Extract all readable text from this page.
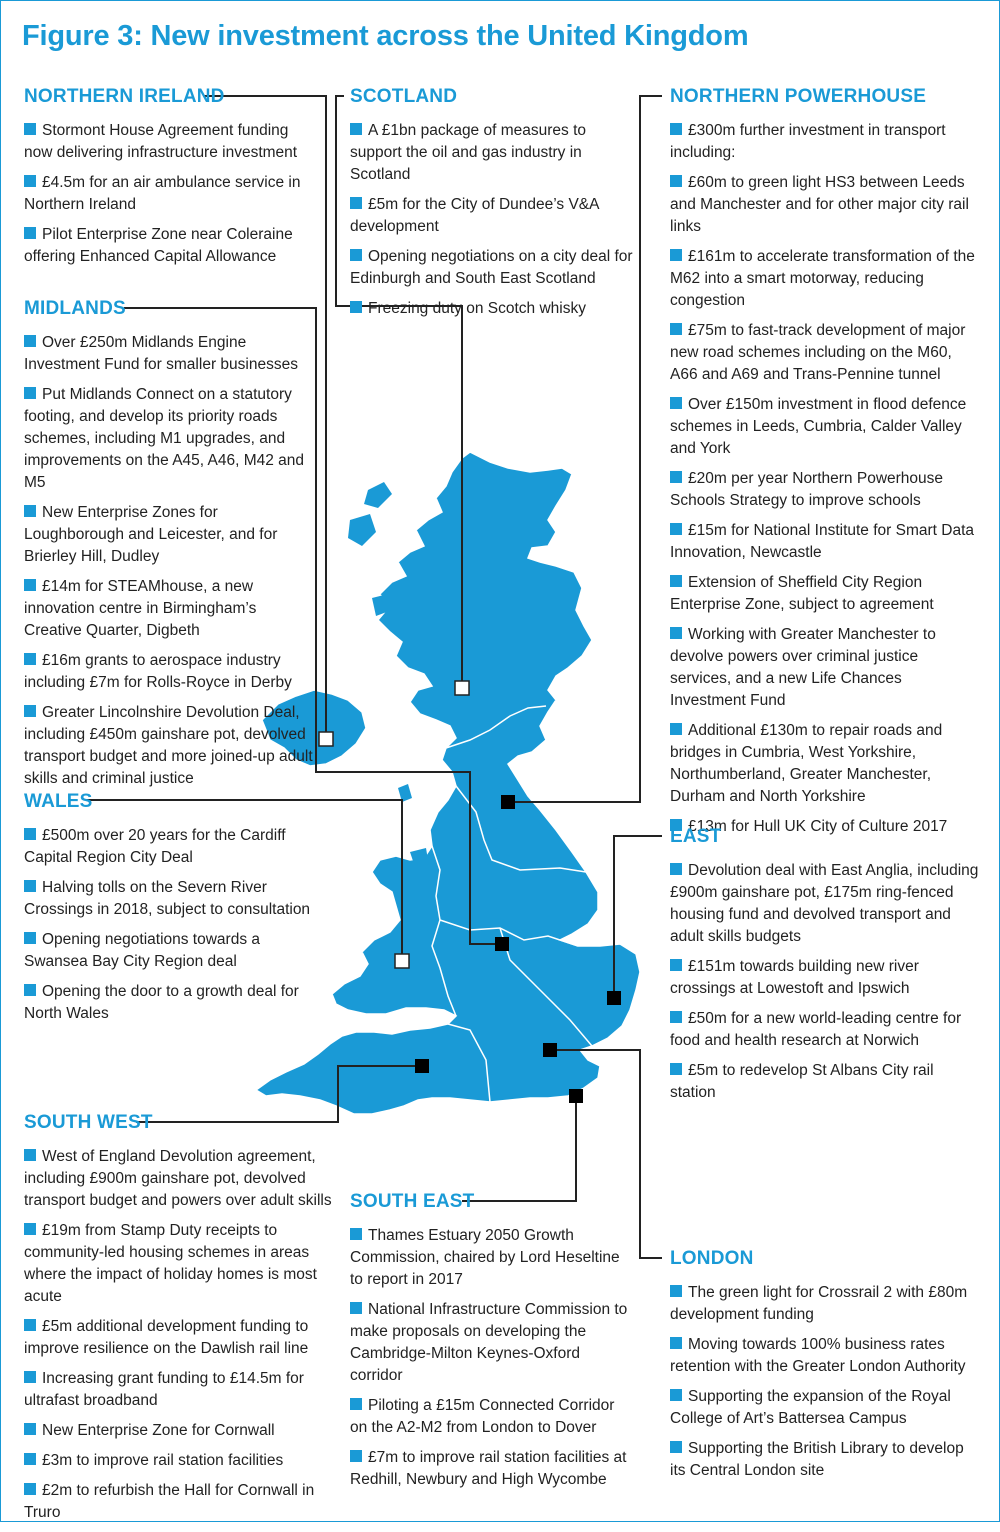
Figure 3: New investment across the United Kingdom
NORTHERN IRELAND
Stormont House Agreement funding now delivering infrastructure investment
£4.5m for an air ambulance service in Northern Ireland
Pilot Enterprise Zone near Coleraine offering Enhanced Capital Allowance
SCOTLAND
A £1bn package of measures to support the oil and gas industry in Scotland
£5m for the City of Dundee’s V&A development
Opening negotiations on a city deal for Edinburgh and South East Scotland
Freezing duty on Scotch whisky
NORTHERN POWERHOUSE
£300m further investment in transport including:
£60m to green light HS3 between Leeds and Manchester and for other major city rail links
£161m to accelerate transformation of the M62 into a smart motorway, reducing congestion
£75m to fast-track development of major new road schemes including on the M60, A66 and A69 and Trans-Pennine tunnel
Over £150m investment in flood defence schemes in Leeds, Cumbria, Calder Valley and York
£20m per year Northern Powerhouse Schools Strategy to improve schools
£15m for National Institute for Smart Data Innovation, Newcastle
Extension of Sheffield City Region Enterprise Zone, subject to agreement
Working with Greater Manchester to devolve powers over criminal justice services, and a new Life Chances Investment Fund
Additional £130m to repair roads and bridges in Cumbria, West Yorkshire, Northumberland, Greater Manchester, Durham and North Yorkshire
£13m for Hull UK City of Culture 2017
MIDLANDS
Over £250m Midlands Engine Investment Fund for smaller businesses
Put Midlands Connect on a statutory footing, and develop its priority roads schemes, including M1 upgrades, and improvements on the A45, A46, M42 and M5
New Enterprise Zones for Loughborough and Leicester, and for Brierley Hill, Dudley
£14m for STEAMhouse, a new innovation centre in Birmingham’s Creative Quarter, Digbeth
£16m grants to aerospace industry including £7m for Rolls-Royce in Derby
Greater Lincolnshire Devolution Deal, including £450m gainshare pot, devolved transport budget and more joined-up adult skills and criminal justice
WALES
£500m over 20 years for the Cardiff Capital Region City Deal
Halving tolls on the Severn River Crossings in 2018, subject to consultation
Opening negotiations towards a Swansea Bay City Region deal
Opening the door to a growth deal for North Wales
EAST
Devolution deal with East Anglia, including £900m gainshare pot, £175m ring-fenced housing fund and devolved transport and adult skills budgets
£151m towards building new river crossings at Lowestoft and Ipswich
£50m for a new world-leading centre for food and health research at Norwich
£5m to redevelop St Albans City rail station
SOUTH WEST
West of England Devolution agreement, including £900m gainshare pot, devolved transport budget and powers over adult skills
£19m from Stamp Duty receipts to community-led housing schemes in areas where the impact of holiday homes is most acute
£5m additional development funding to improve resilience on the Dawlish rail line
Increasing grant funding to £14.5m for ultrafast broadband
New Enterprise Zone for Cornwall
£3m to improve rail station facilities
£2m to refurbish the Hall for Cornwall in Truro
SOUTH EAST
Thames Estuary 2050 Growth Commission, chaired by Lord Heseltine to report in 2017
National Infrastructure Commission to make proposals on developing the Cambridge-Milton Keynes-Oxford corridor
Piloting a £15m Connected Corridor on the A2-M2 from London to Dover
£7m to improve rail station facilities at Redhill, Newbury and High Wycombe
LONDON
The green light for Crossrail 2 with £80m development funding
Moving towards 100% business rates retention with the Greater London Authority
Supporting the expansion of the Royal College of Art’s Battersea Campus
Supporting the British Library to develop its Central London site
